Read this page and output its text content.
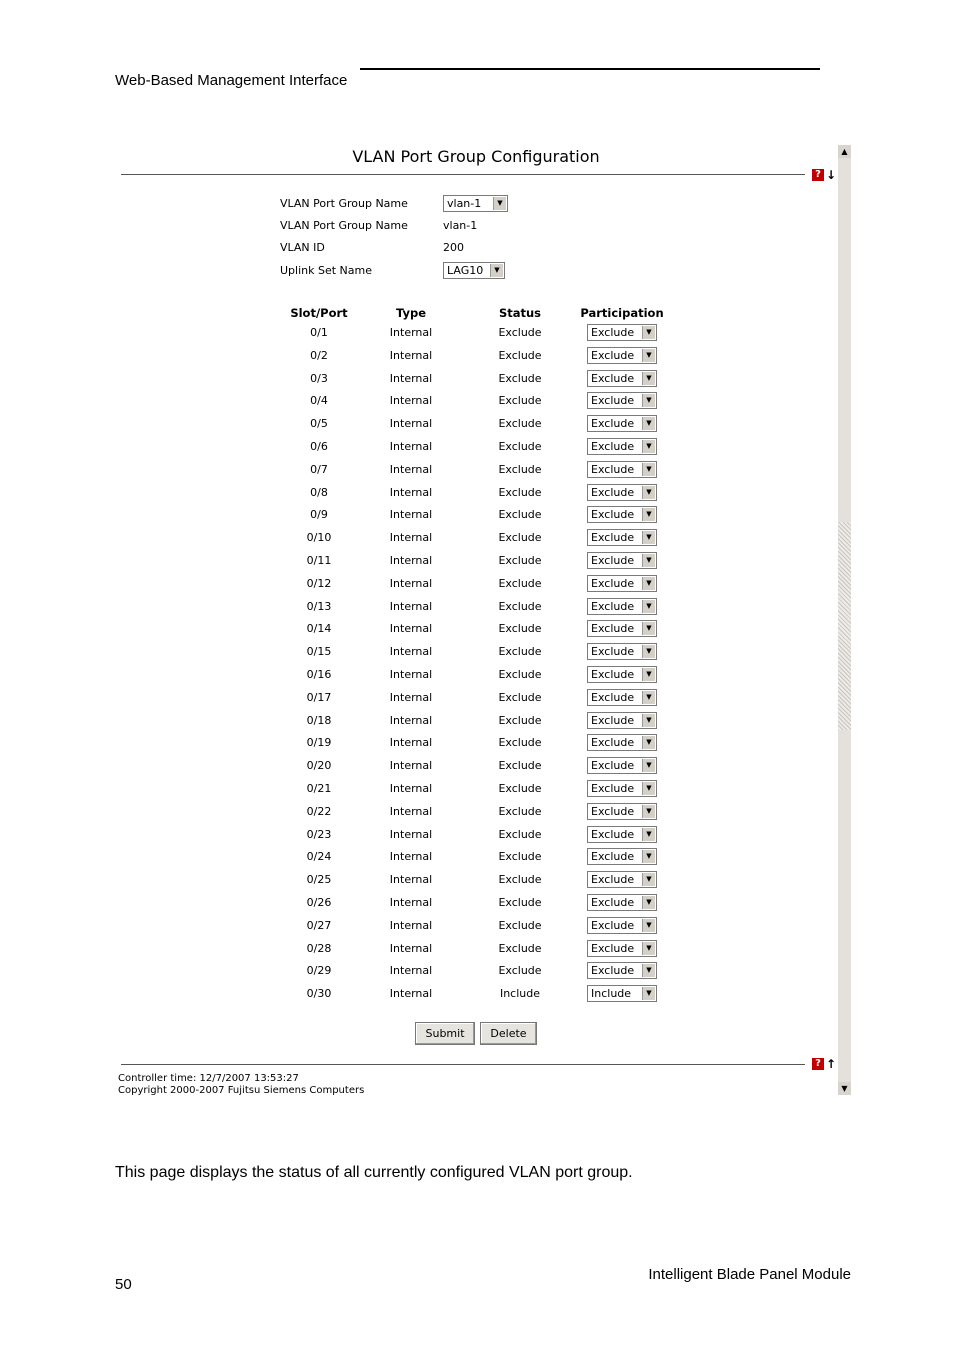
Web-Based Management Interface
VLAN Port Group Configuration
? ↓
VLAN Port Group Name	vlan-1	▼
VLAN Port Group Name	vlan-1
VLAN ID	200
Uplink Set Name	LAG10	▼
Slot/Port	Type	Status	Participation
0/1	Internal	Exclude	Exclude	▼
0/2	Internal	Exclude	Exclude	▼
0/3	Internal	Exclude	Exclude	▼
0/4	Internal	Exclude	Exclude	▼
0/5	Internal	Exclude	Exclude	▼
0/6	Internal	Exclude	Exclude	▼
0/7	Internal	Exclude	Exclude	▼
0/8	Internal	Exclude	Exclude	▼
0/9	Internal	Exclude	Exclude	▼
0/10	Internal	Exclude	Exclude	▼
0/11	Internal	Exclude	Exclude	▼
0/12	Internal	Exclude	Exclude	▼
0/13	Internal	Exclude	Exclude	▼
0/14	Internal	Exclude	Exclude	▼
0/15	Internal	Exclude	Exclude	▼
0/16	Internal	Exclude	Exclude	▼
0/17	Internal	Exclude	Exclude	▼
0/18	Internal	Exclude	Exclude	▼
0/19	Internal	Exclude	Exclude	▼
0/20	Internal	Exclude	Exclude	▼
0/21	Internal	Exclude	Exclude	▼
0/22	Internal	Exclude	Exclude	▼
0/23	Internal	Exclude	Exclude	▼
0/24	Internal	Exclude	Exclude	▼
0/25	Internal	Exclude	Exclude	▼
0/26	Internal	Exclude	Exclude	▼
0/27	Internal	Exclude	Exclude	▼
0/28	Internal	Exclude	Exclude	▼
0/29	Internal	Exclude	Exclude	▼
0/30	Internal	Include	Include	▼
Submit	Delete
? ↑
Controller time: 12/7/2007 13:53:27
Copyright 2000-2007 Fujitsu Siemens Computers
▲
▼
This page displays the status of all currently configured VLAN port group.
50
Intelligent Blade Panel Module
